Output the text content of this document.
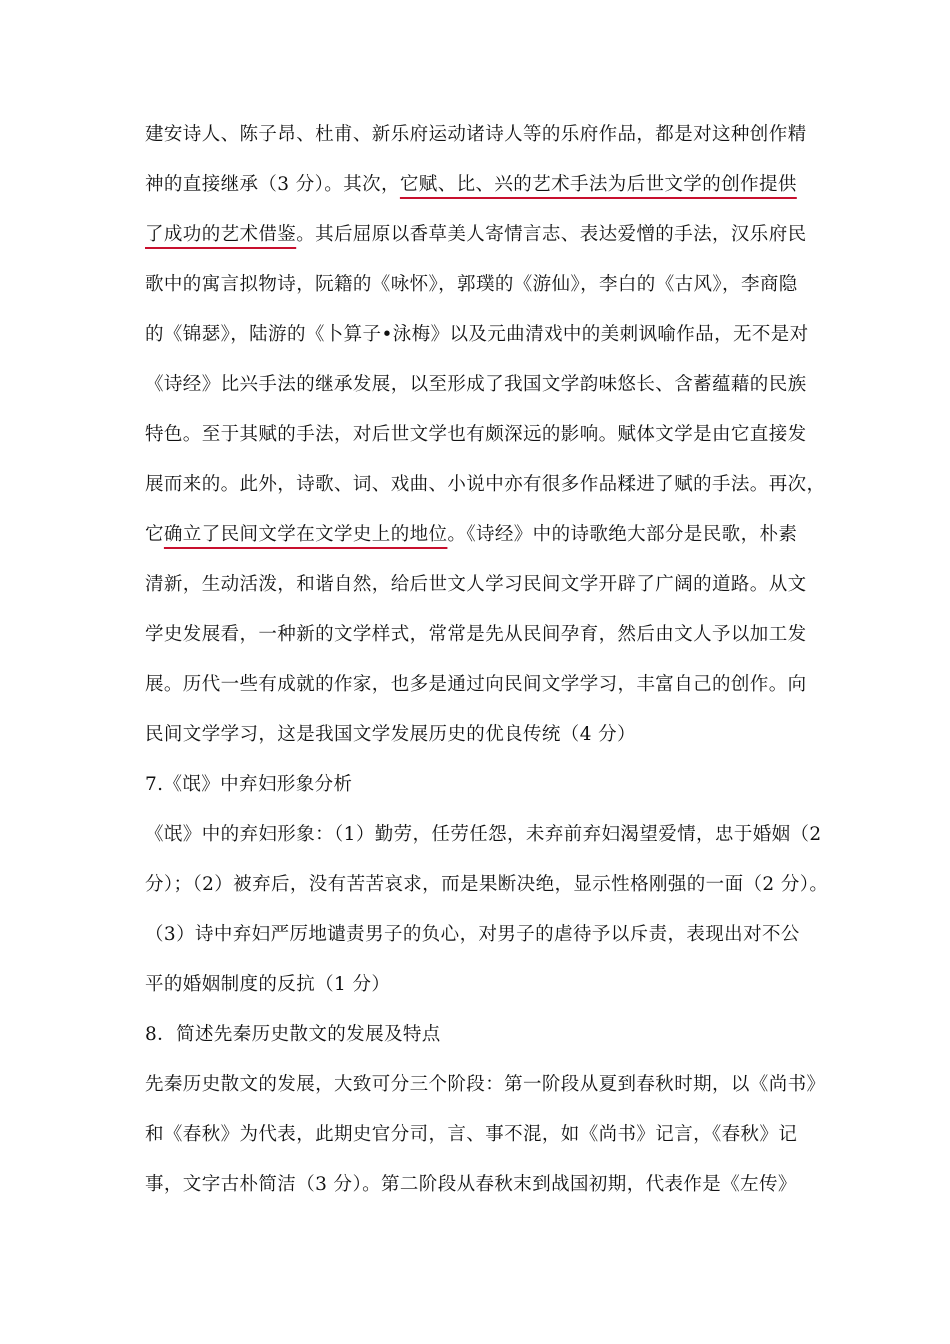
建安诗人、陈子昂、杜甫、新乐府运动诸诗人等的乐府作品，都是对这种创作精
神的直接继承（3 分）。其次，它赋、比、兴的艺术手法为后世文学的创作提供
了成功的艺术借鉴。其后屈原以香草美人寄情言志、表达爱憎的手法，汉乐府民
歌中的寓言拟物诗，阮籍的《咏怀》，郭璞的《游仙》，李白的《古风》，李商隐
的《锦瑟》，陆游的《卜算子•泳梅》以及元曲清戏中的美刺讽喻作品，无不是对
《诗经》比兴手法的继承发展，以至形成了我国文学韵味悠长、含蓄蕴藉的民族
特色。至于其赋的手法，对后世文学也有颇深远的影响。赋体文学是由它直接发
展而来的。此外，诗歌、词、戏曲、小说中亦有很多作品糅进了赋的手法。再次，
它确立了民间文学在文学史上的地位。《诗经》中的诗歌绝大部分是民歌，朴素
清新，生动活泼，和谐自然，给后世文人学习民间文学开辟了广阔的道路。从文
学史发展看，一种新的文学样式，常常是先从民间孕育，然后由文人予以加工发
展。历代一些有成就的作家，也多是通过向民间文学学习，丰富自己的创作。向
民间文学学习，这是我国文学发展历史的优良传统（4 分）
7.《氓》中弃妇形象分析
《氓》中的弃妇形象：（1）勤劳，任劳任怨，未弃前弃妇渴望爱情，忠于婚姻（2
分）；（2）被弃后，没有苦苦哀求，而是果断决绝，显示性格刚强的一面（2 分）。
（3）诗中弃妇严厉地谴责男子的负心，对男子的虐待予以斥责，表现出对不公
平的婚姻制度的反抗（1 分）
8．简述先秦历史散文的发展及特点
先秦历史散文的发展，大致可分三个阶段：第一阶段从夏到春秋时期，以《尚书》
和《春秋》为代表，此期史官分司，言、事不混，如《尚书》记言，《春秋》记
事，文字古朴简洁（3 分）。第二阶段从春秋末到战国初期，代表作是《左传》
